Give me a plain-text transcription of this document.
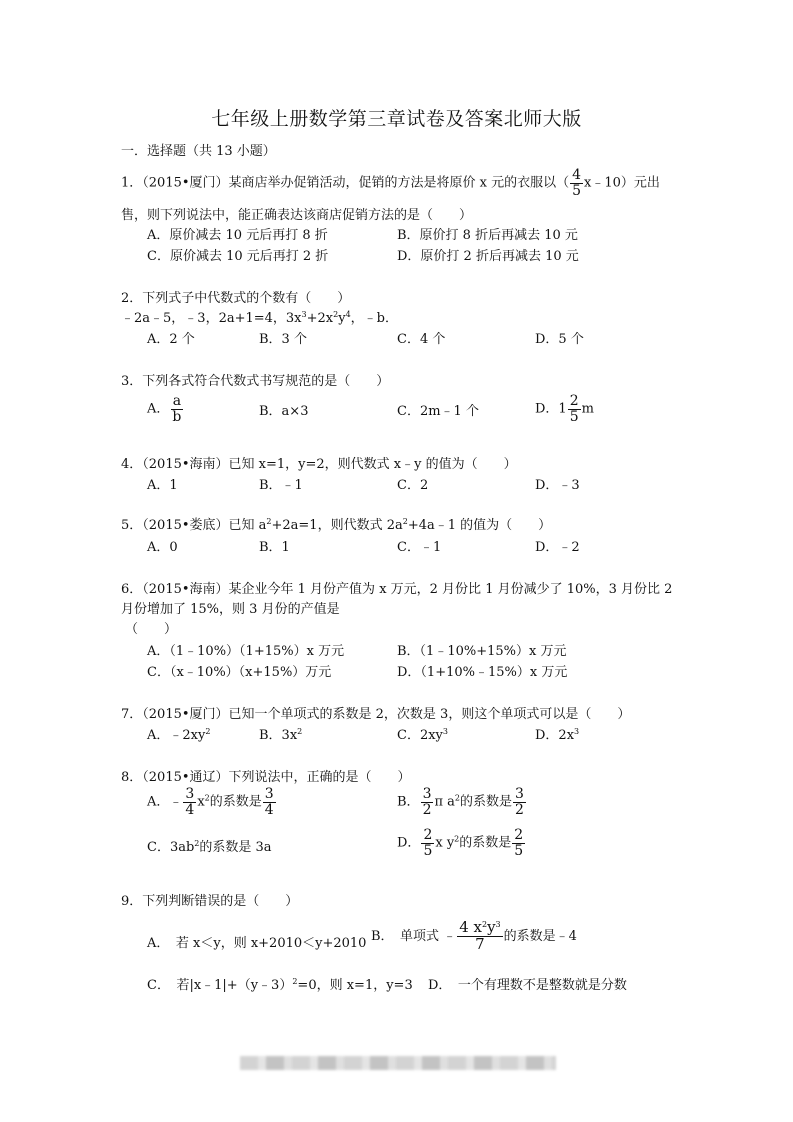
七年级上册数学第三章试卷及答案北师大版
一．选择题（共 13 小题）
1．（2015•厦门）某商店举办促销活动，促销的方法是将原价 x 元的衣服以（ $\frac{4}{5}$ x﹣10）元出
售，则下列说法中，能正确表达该商店促销方法的是（　　）
A．原价减去 10 元后再打 8 折	B．原价打 8 折后再减去 10 元
C．原价减去 10 元后再打 2 折	D．原价打 2 折后再减去 10 元
2．下列式子中代数式的个数有（　　）
﹣2a﹣5，﹣3，2a+1=4，$3x^3+2x^2y^4$，﹣b．
A．2 个	B．3 个	C．4 个	D．5 个
3．下列各式符合代数式书写规范的是（　　）
A． $\frac{a}{b}$	B．a×3	C．2m﹣1 个	D．$1 \frac{2}{5}$ m
4．（2015•海南）已知 x=1，y=2，则代数式 x﹣y 的值为（　　）
A．1	B．﹣1	C．2	D．﹣3
5．（2015•娄底）已知 $a^2+2a=1$，则代数式 $2a^2+4a﹣1$ 的值为（　　）
A．0	B．1	C．﹣1	D．﹣2
6．（2015•海南）某企业今年 1 月份产值为 x 万元，2 月份比 1 月份减少了 10%，3 月份比 2
月份增加了 15%，则 3 月份的产值是
（　　）
A．（1﹣10%）（1+15%）x 万元	B．（1﹣10%+15%）x 万元
C．（x﹣10%）（x+15%）万元	D．（1+10%﹣15%）x 万元
7．（2015•厦门）已知一个单项式的系数是 2，次数是 3，则这个单项式可以是（　　）
A．$﹣2xy^2$	B．$3x^2$	C．$2xy^3$	D．$2x^3$
8．（2015•通辽）下列说法中，正确的是（　　）
A．﹣ $\frac{3}{4} x^2$的系数是 $\frac{3}{4}$	B． $\frac{3}{2}$ π $a^2$的系数是 $\frac{3}{2}$
C．$3ab^2$的系数是 3a	D． $\frac{2}{5}$ x $y^2$的系数是 $\frac{2}{5}$
9．下列判断错误的是（　　）
A．　若 x＜y，则 x+2010＜y+2010 B．　单项式 ﹣ $\frac{4 x^2y^3}{7}$ 的系数是﹣4
C．　若|x﹣1|+（y﹣3）$^2$=0，则 x=1，y=3 D．　一个有理数不是整数就是分数
